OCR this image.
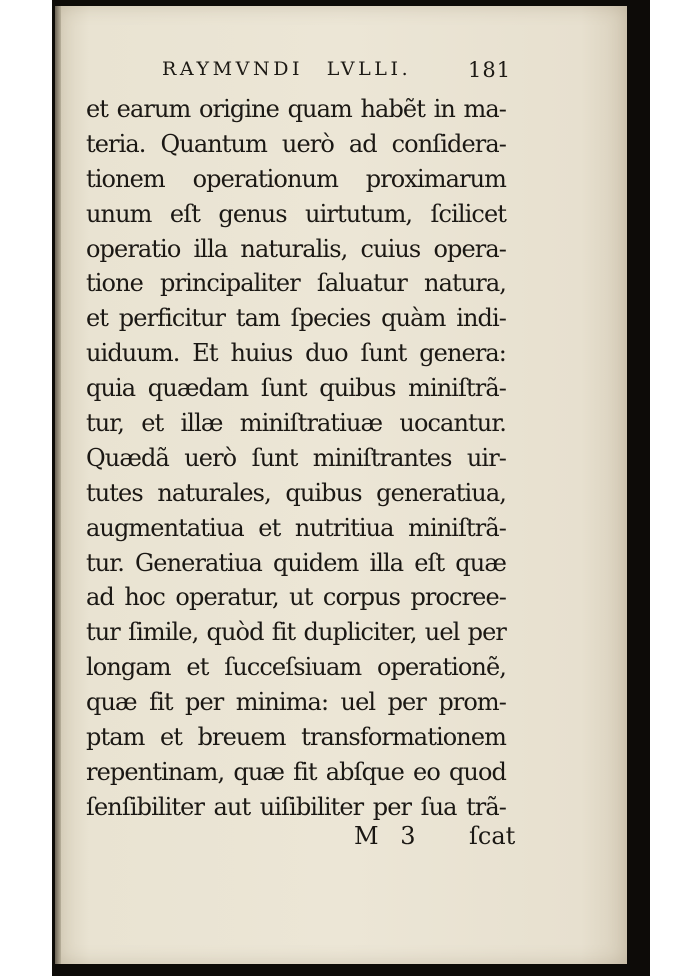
RAYMVNDI LVLLI.	181
et earum origine quam habẽt in ma-
teria. Quantum uerò ad conſidera-
tionem operationum proximarum
unum eſt genus uirtutum, ſcilicet
operatio illa naturalis, cuius opera-
tione principaliter ſaluatur natura,
et perficitur tam ſpecies quàm indi-
uiduum. Et huius duo ſunt genera:
quia quædam ſunt quibus miniſtrã-
tur, et illæ miniſtratiuæ uocantur.
Quædã uerò ſunt miniſtrantes uir-
tutes naturales, quibus generatiua,
augmentatiua et nutritiua miniſtrã-
tur. Generatiua quidem illa eſt quæ
ad hoc operatur, ut corpus procree-
tur ſimile, quòd fit dupliciter, uel per
longam et ſucceſsiuam operationẽ,
quæ fit per minima: uel per prom-
ptam et breuem transformationem
repentinam, quæ fit abſque eo quod
ſenſibiliter aut uiſibiliter per ſua trã-
M 3 ſcat
